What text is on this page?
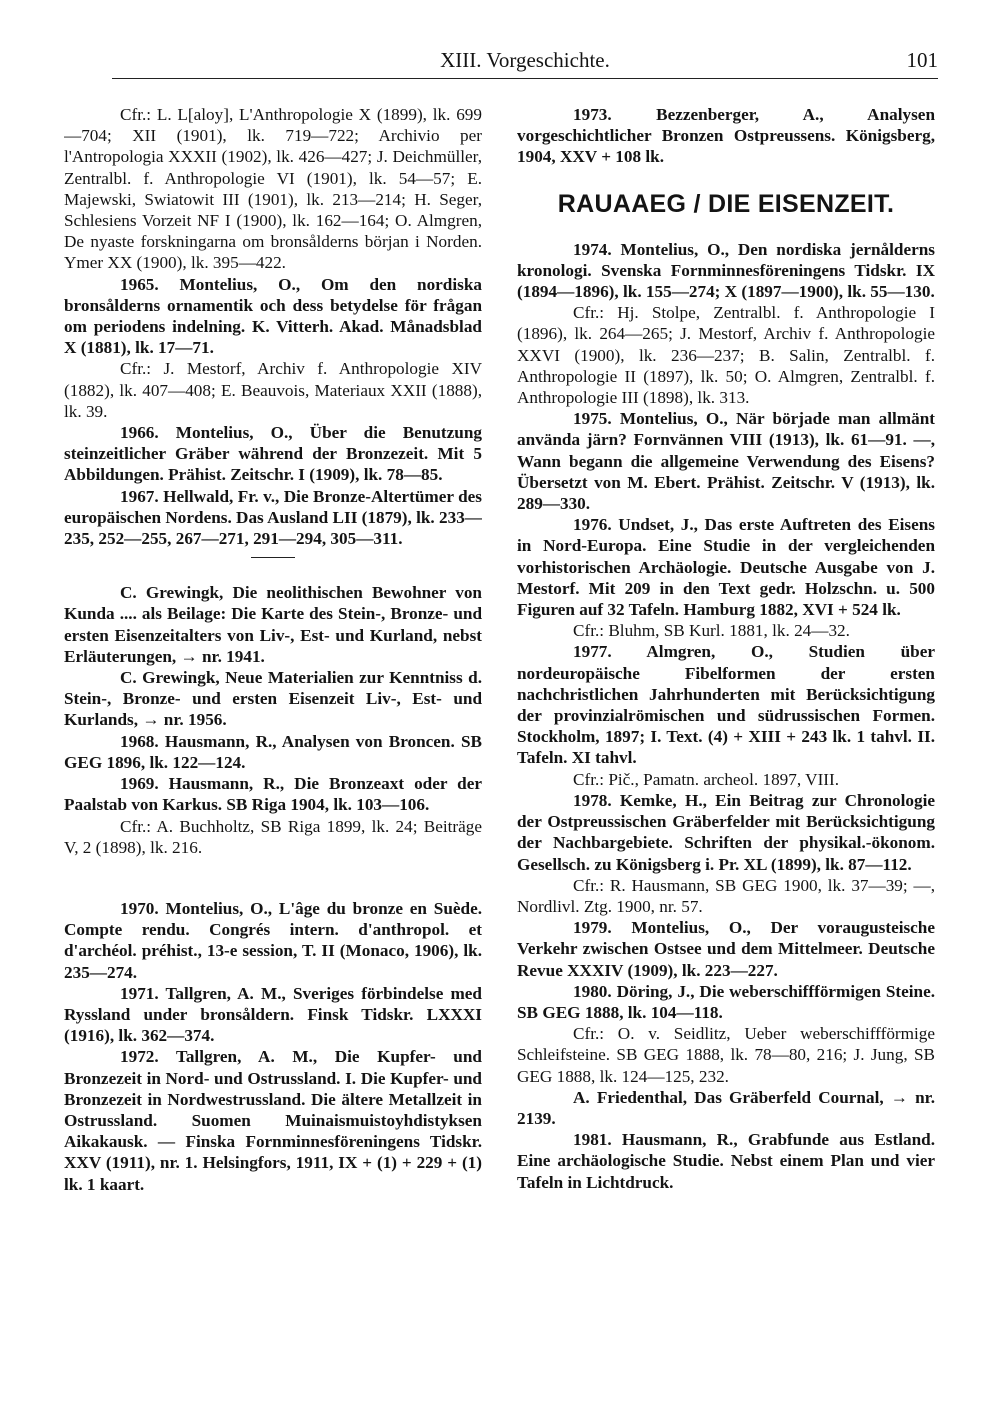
XIII. Vorgeschichte.	101

Cfr.: L. L[aloy], L'Anthropologie X (1899), lk. 699—704; XII (1901), lk. 719—722; Archivio per l'Antropologia XXXII (1902), lk. 426—427; J. Deichmüller, Zentralbl. f. Anthropologie VI (1901), lk. 54—57; E. Majewski, Swiatowit III (1901), lk. 213—214; H. Seger, Schlesiens Vorzeit NF I (1900), lk. 162—164; O. Almgren, De nyaste forskningarna om bronsålderns början i Norden. Ymer XX (1900), lk. 395—422.

1965. Montelius, O., Om den nordiska bronsålderns ornamentik och dess betydelse för frågan om periodens indelning. K. Vitterh. Akad. Månadsblad X (1881), lk. 17—71.

Cfr.: J. Mestorf, Archiv f. Anthropologie XIV (1882), lk. 407—408; E. Beauvois, Materiaux XXII (1888), lk. 39.

1966. Montelius, O., Über die Benutzung steinzeitlicher Gräber während der Bronzezeit. Mit 5 Abbildungen. Prähist. Zeitschr. I (1909), lk. 78—85.

1967. Hellwald, Fr. v., Die Bronze-Altertümer des europäischen Nordens. Das Ausland LII (1879), lk. 233—235, 252—255, 267—271, 291—294, 305—311.

C. Grewingk, Die neolithischen Bewohner von Kunda .... als Beilage: Die Karte des Stein-, Bronze- und ersten Eisenzeitalters von Liv-, Est- und Kurland, nebst Erläuterungen, → nr. 1941.

C. Grewingk, Neue Materialien zur Kenntniss d. Stein-, Bronze- und ersten Eisenzeit Liv-, Est- und Kurlands, → nr. 1956.

1968. Hausmann, R., Analysen von Broncen. SB GEG 1896, lk. 122—124.

1969. Hausmann, R., Die Bronzeaxt oder der Paalstab von Karkus. SB Riga 1904, lk. 103—106.

Cfr.: A. Buchholtz, SB Riga 1899, lk. 24; Beiträge V, 2 (1898), lk. 216.

1970. Montelius, O., L'âge du bronze en Suède. Compte rendu. Congrés intern. d'anthropol. et d'archéol. préhist., 13-e session, T. II (Monaco, 1906), lk. 235—274.

1971. Tallgren, A. M., Sveriges förbindelse med Ryssland under bronsåldern. Finsk Tidskr. LXXXI (1916), lk. 362—374.

1972. Tallgren, A. M., Die Kupfer- und Bronzezeit in Nord- und Ostrussland. I. Die Kupfer- und Bronzezeit in Nordwestrussland. Die ältere Metallzeit in Ostrussland. Suomen Muinaismuistoyhdistyksen Aikakausk. — Finska Fornminnesföreningens Tidskr. XXV (1911), nr. 1. Helsingfors, 1911, IX + (1) + 229 + (1) lk. 1 kaart.

1973. Bezzenberger, A., Analysen vorgeschichtlicher Bronzen Ostpreussens. Königsberg, 1904, XXV + 108 lk.

RAUAAEG / DIE EISENZEIT.

1974. Montelius, O., Den nordiska jernålderns kronologi. Svenska Fornminnesföreningens Tidskr. IX (1894—1896), lk. 155—274; X (1897—1900), lk. 55—130.

Cfr.: Hj. Stolpe, Zentralbl. f. Anthropologie I (1896), lk. 264—265; J. Mestorf, Archiv f. Anthropologie XXVI (1900), lk. 236—237; B. Salin, Zentralbl. f. Anthropologie II (1897), lk. 50; O. Almgren, Zentralbl. f. Anthropologie III (1898), lk. 313.

1975. Montelius, O., När började man allmänt använda järn? Fornvännen VIII (1913), lk. 61—91. —, Wann begann die allgemeine Verwendung des Eisens? Übersetzt von M. Ebert. Prähist. Zeitschr. V (1913), lk. 289—330.

1976. Undset, J., Das erste Auftreten des Eisens in Nord-Europa. Eine Studie in der vergleichenden vorhistorischen Archäologie. Deutsche Ausgabe von J. Mestorf. Mit 209 in den Text gedr. Holzschn. u. 500 Figuren auf 32 Tafeln. Hamburg 1882, XVI + 524 lk.

Cfr.: Bluhm, SB Kurl. 1881, lk. 24—32.

1977. Almgren, O., Studien über nordeuropäische Fibelformen der ersten nachchristlichen Jahrhunderten mit Berücksichtigung der provinzialrömischen und südrussischen Formen. Stockholm, 1897; I. Text. (4) + XIII + 243 lk. 1 tahvl. II. Tafeln. XI tahvl.

Cfr.: Pič., Pamatn. archeol. 1897, VIII.

1978. Kemke, H., Ein Beitrag zur Chronologie der Ostpreussischen Gräberfelder mit Berücksichtigung der Nachbargebiete. Schriften der physikal.-ökonom. Gesellsch. zu Königsberg i. Pr. XL (1899), lk. 87—112.

Cfr.: R. Hausmann, SB GEG 1900, lk. 37—39; —, Nordlivl. Ztg. 1900, nr. 57.

1979. Montelius, O., Der voraugusteische Verkehr zwischen Ostsee und dem Mittelmeer. Deutsche Revue XXXIV (1909), lk. 223—227.

1980. Döring, J., Die weberschiffförmigen Steine. SB GEG 1888, lk. 104—118.

Cfr.: O. v. Seidlitz, Ueber weberschiffförmige Schleifsteine. SB GEG 1888, lk. 78—80, 216; J. Jung, SB GEG 1888, lk. 124—125, 232.

A. Friedenthal, Das Gräberfeld Cournal, → nr. 2139.

1981. Hausmann, R., Grabfunde aus Estland. Eine archäologische Studie. Nebst einem Plan und vier Tafeln in Lichtdruck.
